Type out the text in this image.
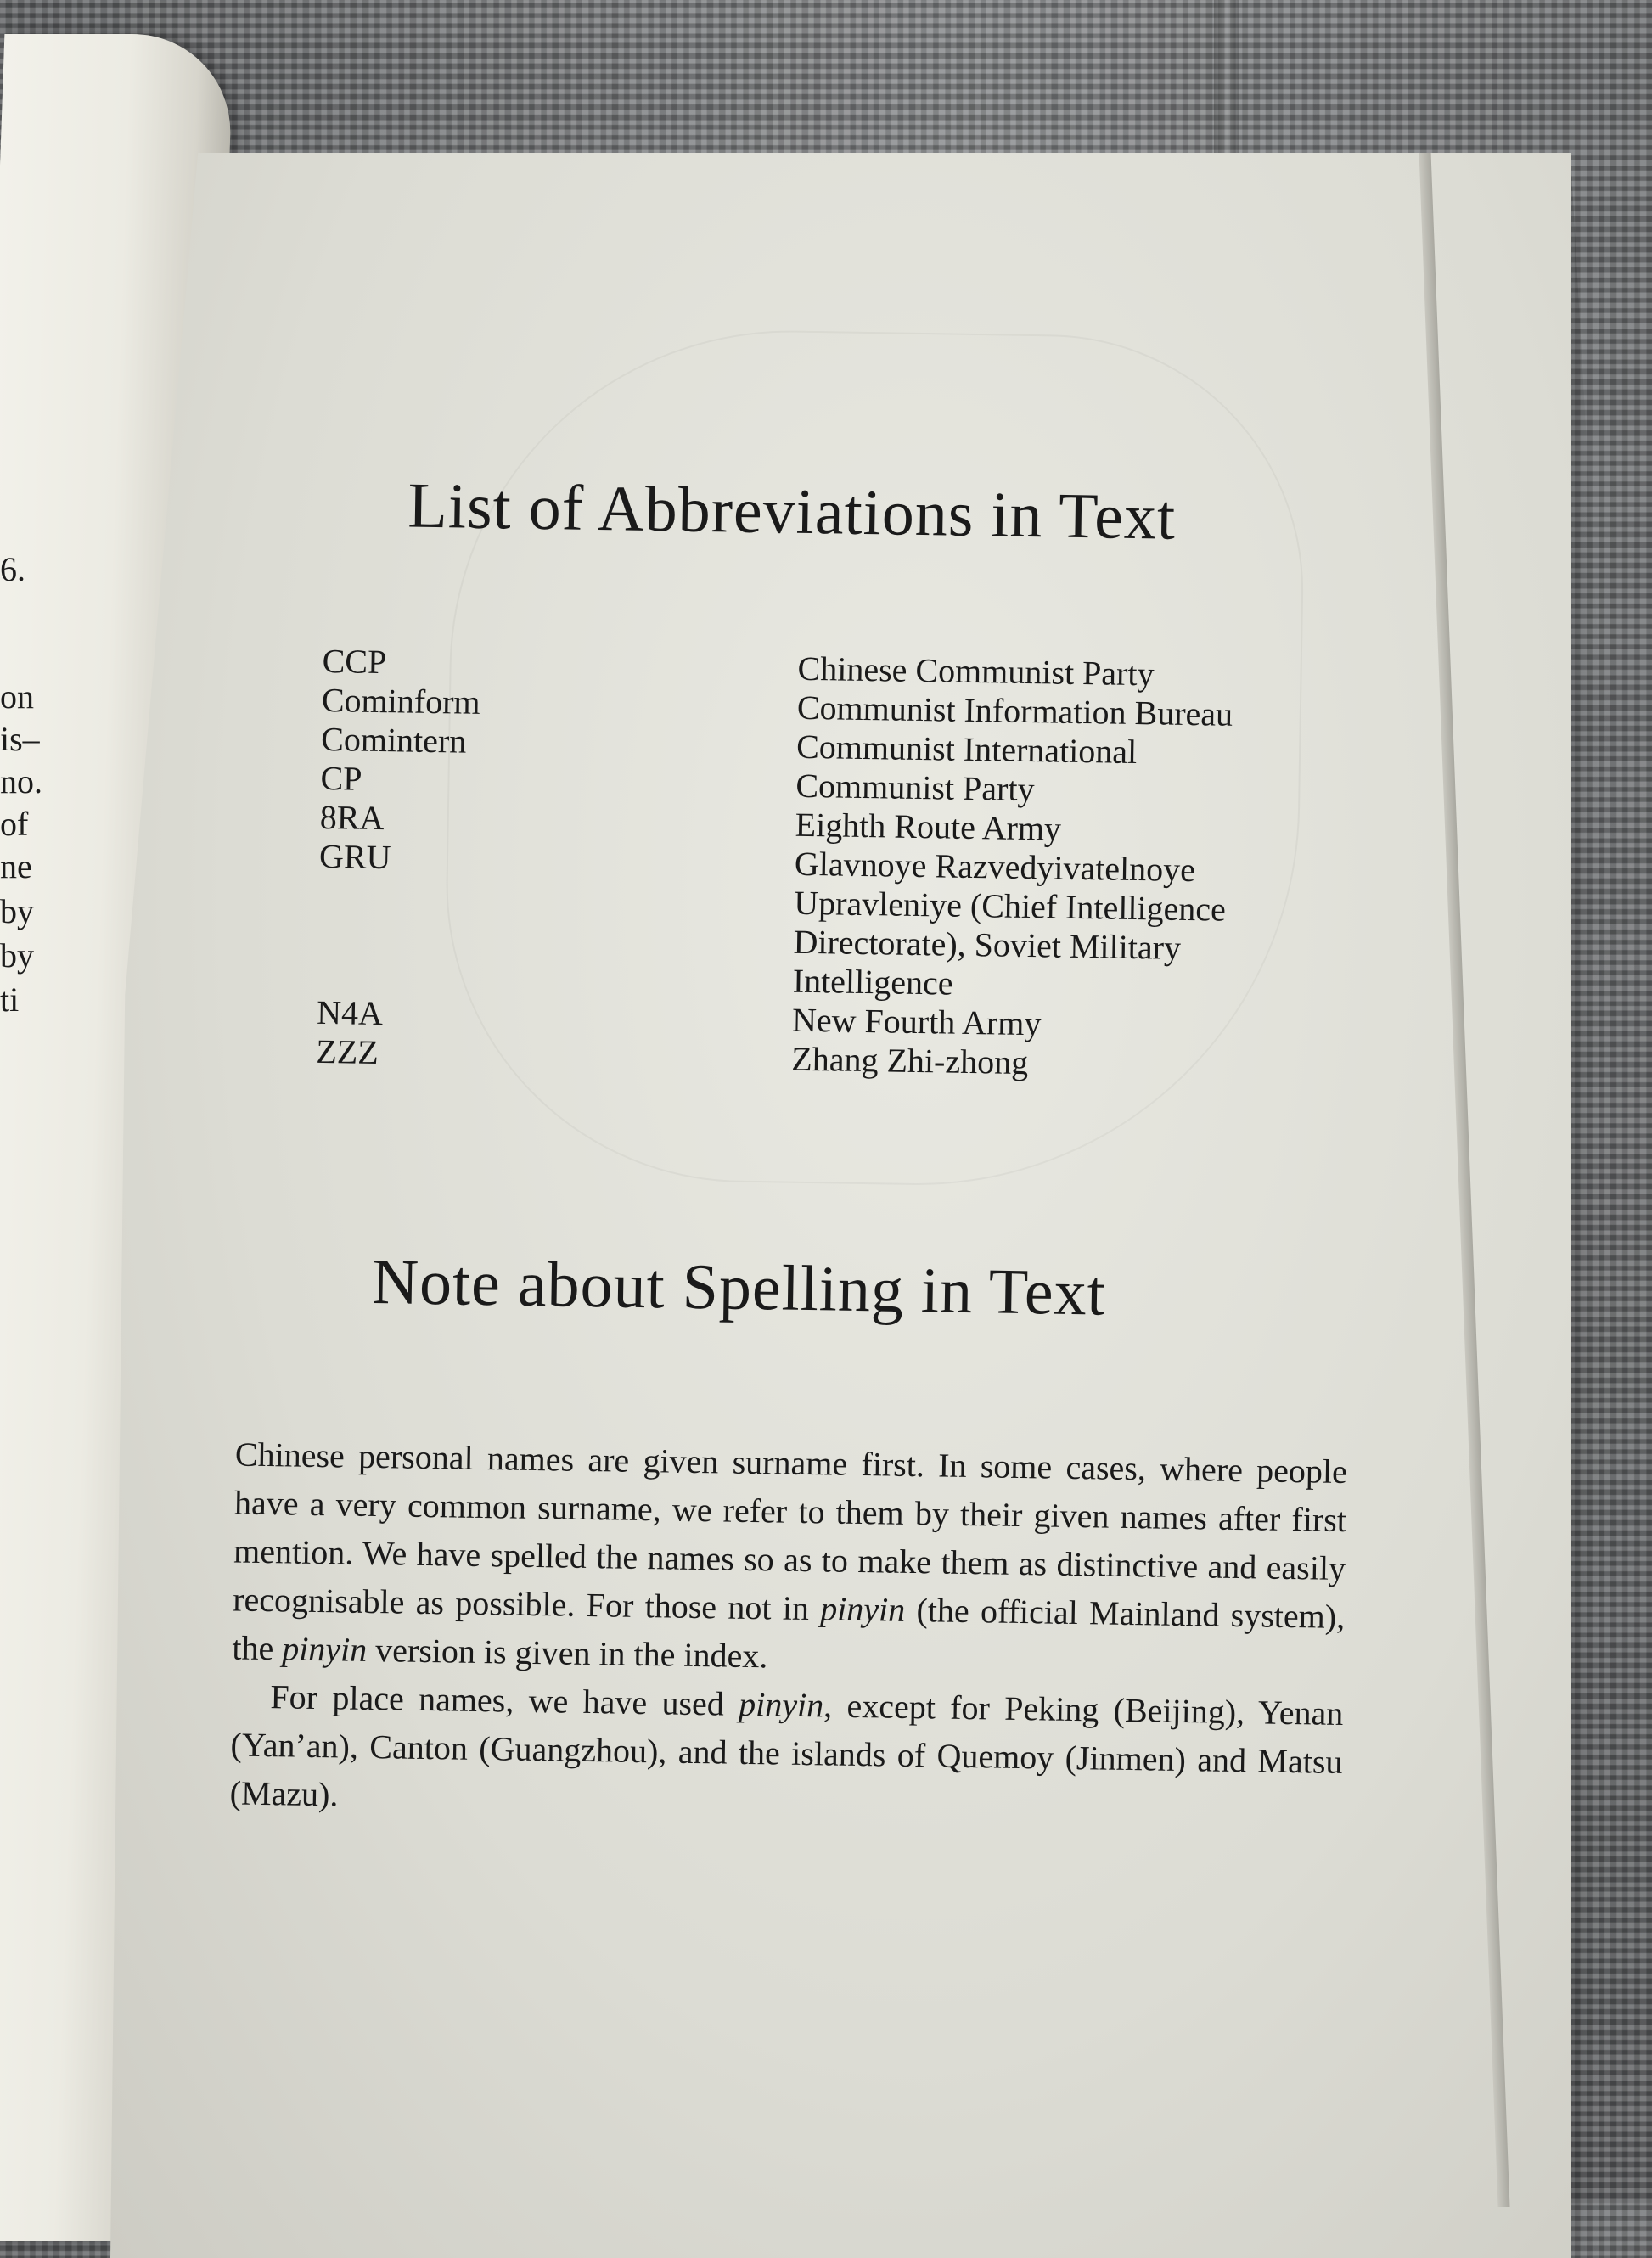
6.
on
is–
no.
of
ne
by
by
ti
List of Abbreviations in Text
CCP	Chinese Communist Party
Cominform	Communist Information Bureau
Comintern	Communist International
CP	Communist Party
8RA	Eighth Route Army
GRU	Glavnoye Razvedyivatelnoye
Upravleniye (Chief Intelligence
Directorate), Soviet Military
Intelligence
N4A	New Fourth Army
ZZZ	Zhang Zhi-zhong
Note about Spelling in Text

Chinese personal names are given surname first. In some cases, where people have a very common surname, we refer to them by their given names after first mention. We have spelled the names so as to make them as distinctive and easily recognisable as possible. For those not in pinyin (the official Mainland system), the pinyin version is given in the index.

For place names, we have used pinyin, except for Peking (Beijing), Yenan (Yan’an), Canton (Guangzhou), and the islands of Quemoy (Jinmen) and Matsu (Mazu).
